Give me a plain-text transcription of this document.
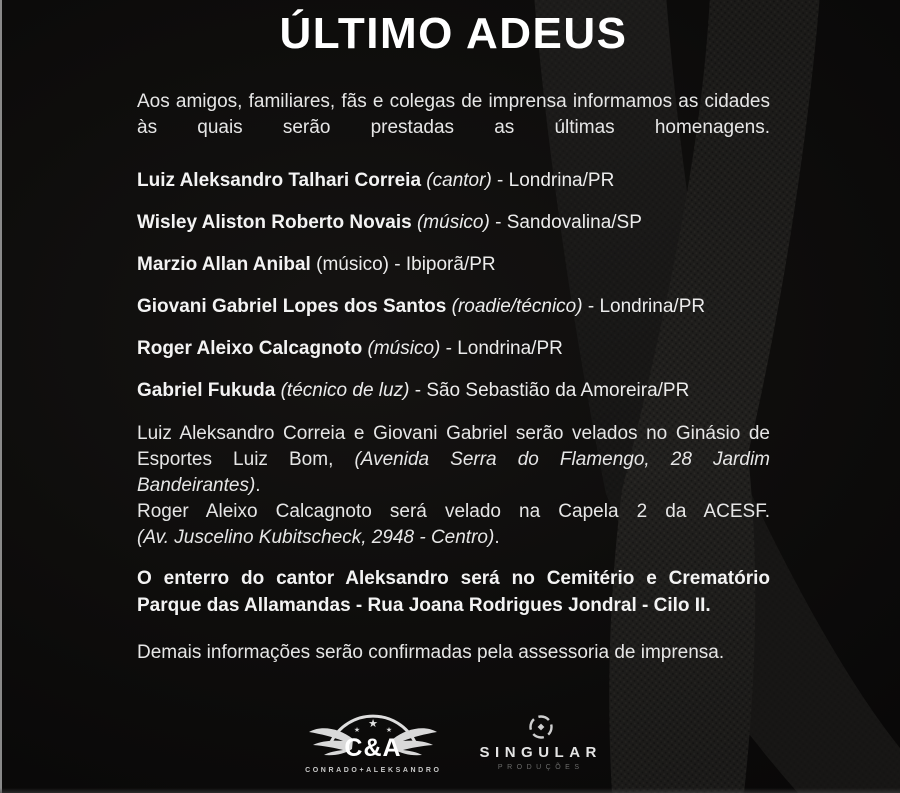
ÚLTIMO ADEUS

Aos amigos, familiares, fãs e colegas de imprensa informamos as cidades às quais serão prestadas as últimas homenagens.

Luiz Aleksandro Talhari Correia (cantor) - Londrina/PR
Wisley Aliston Roberto Novais (músico) - Sandovalina/SP
Marzio Allan Anibal (músico) - Ibiporã/PR
Giovani Gabriel Lopes dos Santos (roadie/técnico) - Londrina/PR
Roger Aleixo Calcagnoto (músico) - Londrina/PR
Gabriel Fukuda (técnico de luz) - São Sebastião da Amoreira/PR
Luiz Aleksandro Correia e Giovani Gabriel serão velados no Ginásio de Esportes Luiz Bom, (Avenida Serra do Flamengo, 28 Jardim Bandeirantes).
Roger Aleixo Calcagnoto será velado na Capela 2 da ACESF.
(Av. Juscelino Kubitscheck, 2948 - Centro).

O enterro do cantor Aleksandro será no Cemitério e Crematório Parque das Allamandas - Rua Joana Rodrigues Jondral - Cilo II.

Demais informações serão confirmadas pela assessoria de imprensa.

★
★	★
C&A
CONRADO+ALEKSANDRO
SINGULAR
PRODUÇÕES
